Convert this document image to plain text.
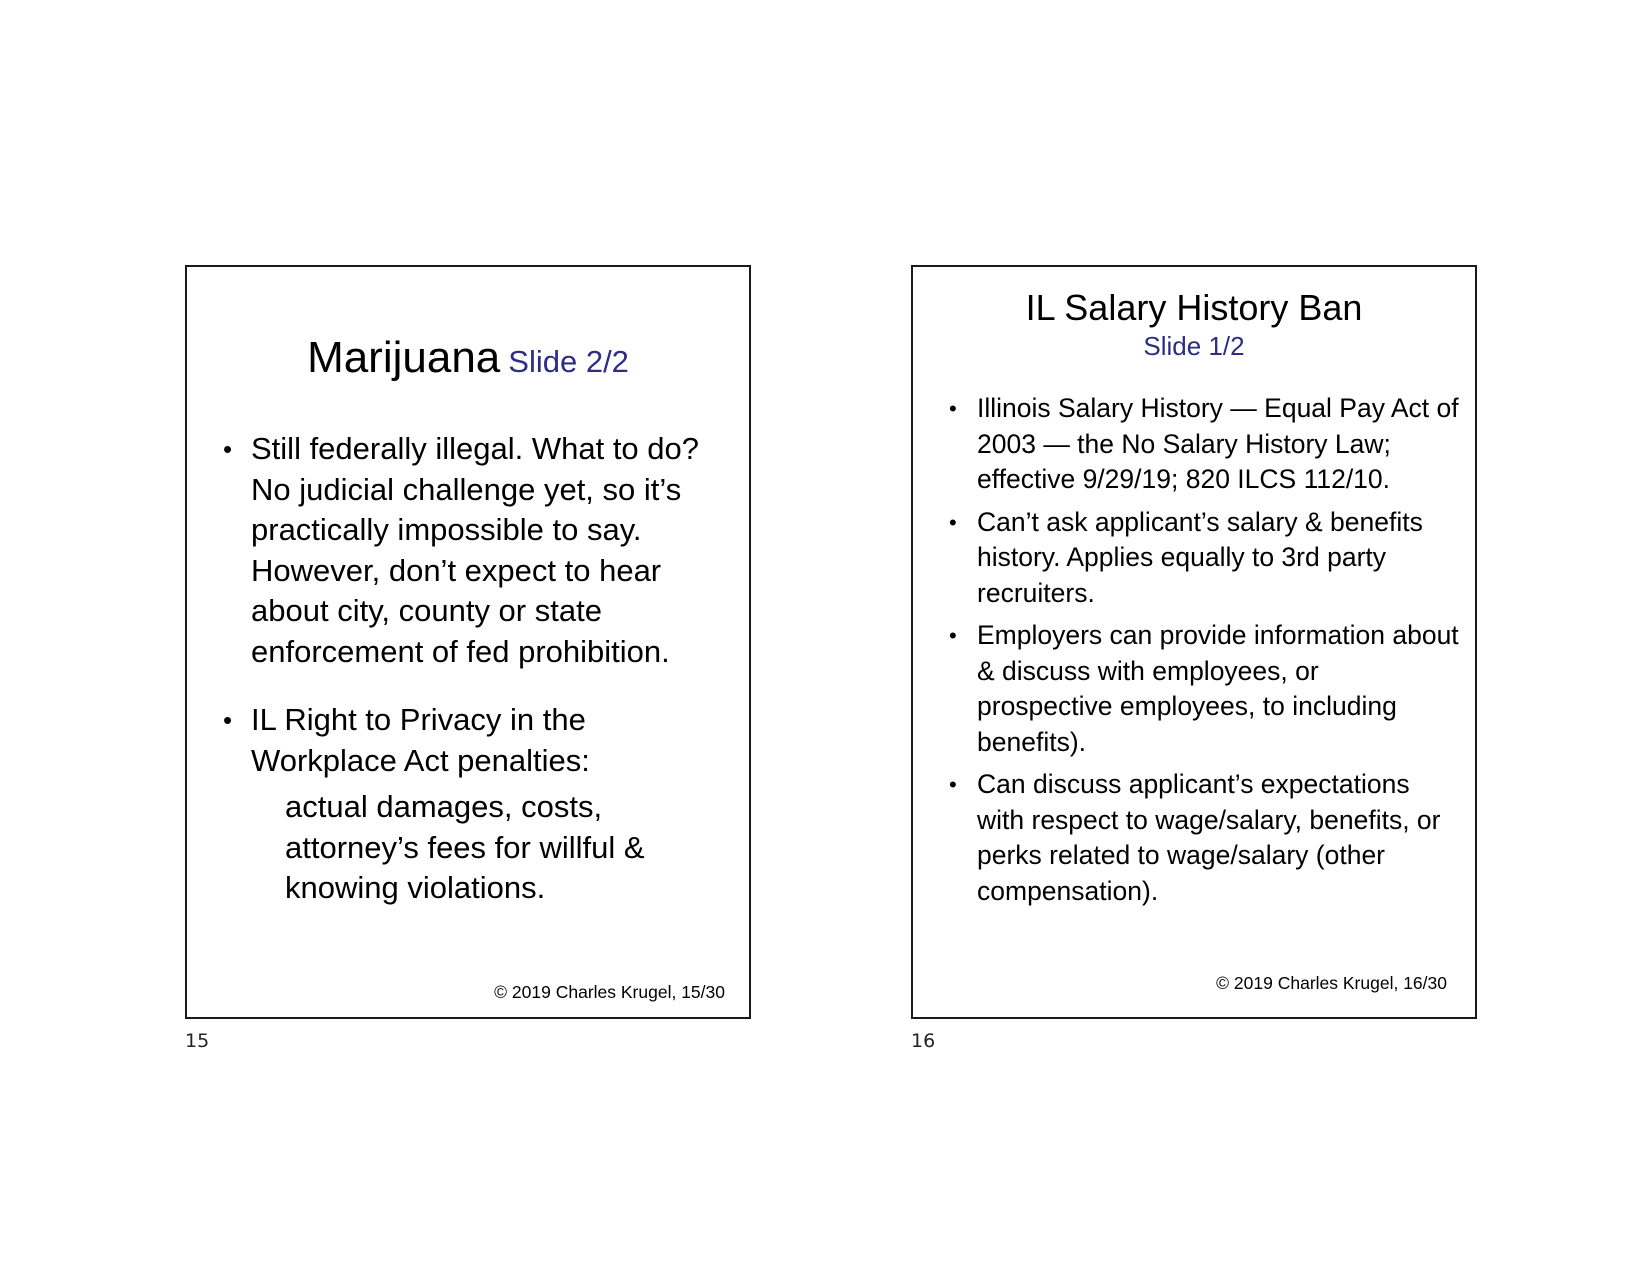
Marijuana Slide 2/2
• Still federally illegal. What to do? No judicial challenge yet, so it’s practically impossible to say. However, don’t expect to hear about city, county or state enforcement of fed prohibition.
• IL Right to Privacy in the Workplace Act penalties:
actual damages, costs, attorney’s fees for willful & knowing violations.
© 2019 Charles Krugel, 15/30
15
IL Salary History Ban
Slide 1/2
• Illinois Salary History — Equal Pay Act of 2003 — the No Salary History Law; effective 9/29/19; 820 ILCS 112/10.
• Can’t ask applicant’s salary & benefits history. Applies equally to 3rd party recruiters.
• Employers can provide information about & discuss with employees, or prospective employees, to including benefits).
• Can discuss applicant’s expectations with respect to wage/salary, benefits, or perks related to wage/salary (other compensation).
© 2019 Charles Krugel, 16/30
16
